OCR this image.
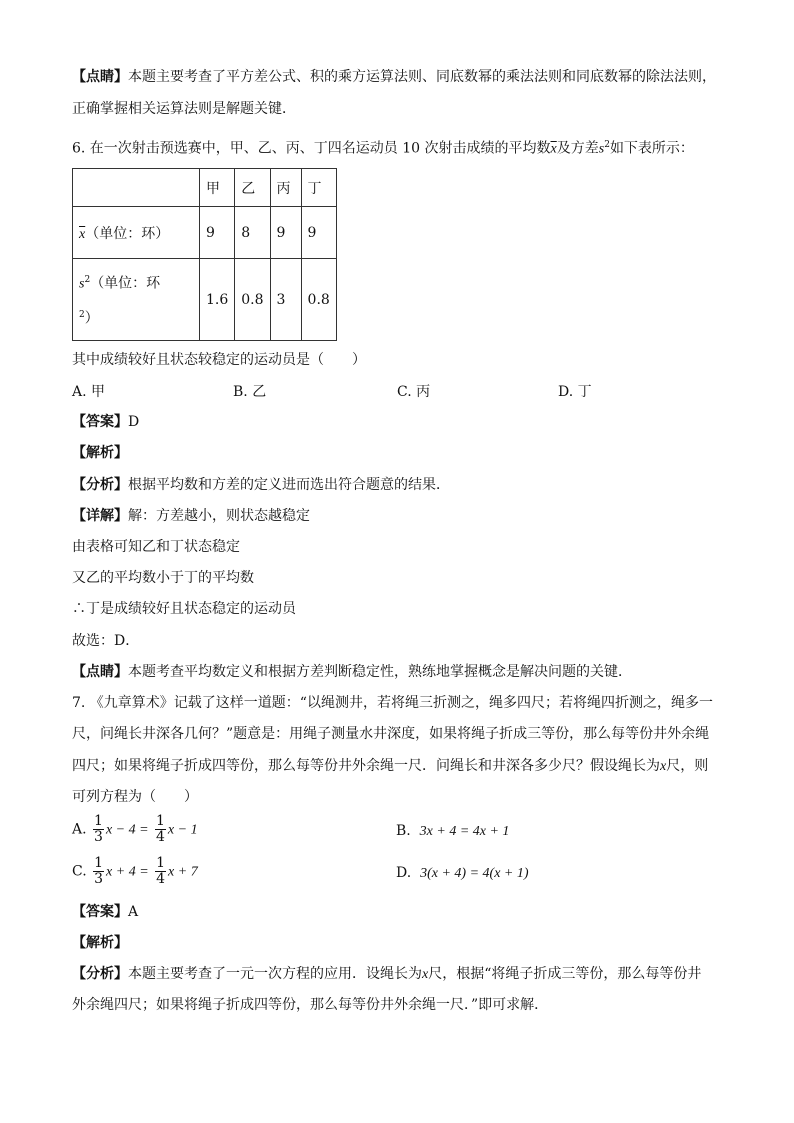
【点睛】本题主要考查了平方差公式、积的乘方运算法则、同底数幂的乘法法则和同底数幂的除法法则，
正确掌握相关运算法则是解题关键．
6. 在一次射击预选赛中，甲、乙、丙、丁四名运动员 10 次射击成绩的平均数$\overline{x}$及方差$s^2$如下表所示：
	甲	乙	丙	丁
$\overline{x}$（单位：环）	9	8	9	9
$s^2$（单位：环
$^2$）	1.6	0.8	3	0.8
其中成绩较好且状态较稳定的运动员是（　　）
A. 甲	B. 乙	C. 丙	D. 丁
【答案】D
【解析】
【分析】根据平均数和方差的定义进而选出符合题意的结果．
【详解】解：方差越小，则状态越稳定
由表格可知乙和丁状态稳定
又乙的平均数小于丁的平均数
∴丁是成绩较好且状态稳定的运动员
故选：D．
【点睛】本题考查平均数定义和根据方差判断稳定性，熟练地掌握概念是解决问题的关键．
7. 《九章算术》记载了这样一道题：“以绳测井，若将绳三折测之，绳多四尺；若将绳四折测之，绳多一
尺，问绳长井深各几何？”题意是：用绳子测量水井深度，如果将绳子折成三等份，那么每等份井外余绳
四尺；如果将绳子折成四等份，那么每等份井外余绳一尺．问绳长和井深各多少尺？假设绳长为x尺，则
可列方程为（　　）
A. $\frac{1}{3}$ $x - 4 = \frac{1}{4}$ x − 1	B. 3x + 4 = 4x + 1
C. $\frac{1}{3}$ $x + 4 = \frac{1}{4}$ x + 7	D. 3(x + 4) = 4(x + 1)
【答案】A
【解析】
【分析】本题主要考查了一元一次方程的应用．设绳长为x尺，根据“将绳子折成三等份，那么每等份井
外余绳四尺；如果将绳子折成四等份，那么每等份井外余绳一尺．”即可求解．
